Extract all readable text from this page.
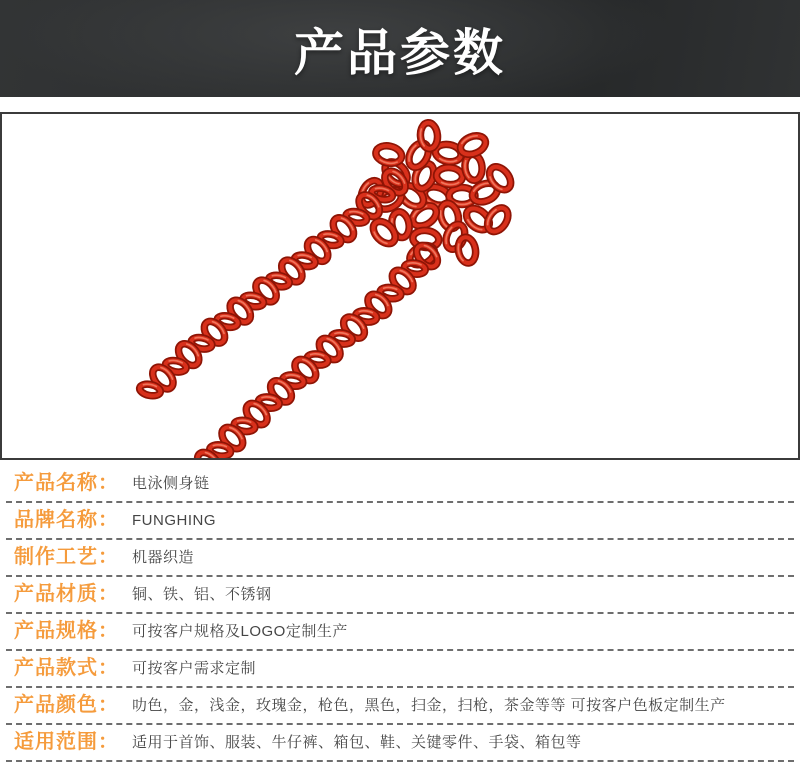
产品参数
产品名称： 电泳侧身链
品牌名称： FUNGHING
制作工艺： 机器织造
产品材质： 铜、铁、铝、不锈钢
产品规格： 可按客户规格及LOGO定制生产
产品款式： 可按客户需求定制
产品颜色： 叻色，金，浅金，玫瑰金，枪色，黑色，扫金，扫枪，茶金等等 可按客户色板定制生产
适用范围： 适用于首饰、服装、牛仔裤、箱包、鞋、关键零件、手袋、箱包等
